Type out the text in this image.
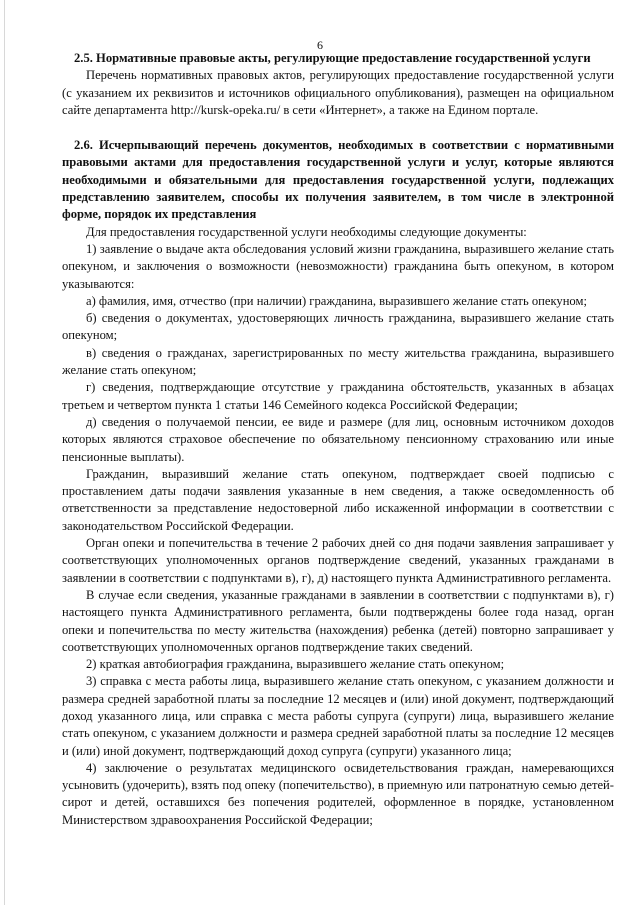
6
2.5. Нормативные правовые акты, регулирующие предоставление государственной услуги

Перечень нормативных правовых актов, регулирующих предоставление государственной услуги (с указанием их реквизитов и источников официального опубликования), размещен на официальном сайте департамента http://kursk-opeka.ru/ в сети «Интернет», а также на Едином портале.

2.6. Исчерпывающий перечень документов, необходимых в соответствии с нормативными правовыми актами для предоставления государственной услуги и услуг, которые являются необходимыми и обязательными для предоставления государственной услуги, подлежащих представлению заявителем, способы их получения заявителем, в том числе в электронной форме, порядок их представления

Для предоставления государственной услуги необходимы следующие документы:

1) заявление о выдаче акта обследования условий жизни гражданина, выразившего желание стать опекуном, и заключения о возможности (невозможности) гражданина быть опекуном, в котором указываются:

а) фамилия, имя, отчество (при наличии) гражданина, выразившего желание стать опекуном;

б) сведения о документах, удостоверяющих личность гражданина, выразившего желание стать опекуном;

в) сведения о гражданах, зарегистрированных по месту жительства гражданина, выразившего желание стать опекуном;

г) сведения, подтверждающие отсутствие у гражданина обстоятельств, указанных в абзацах третьем и четвертом пункта 1 статьи 146 Семейного кодекса Российской Федерации;

д) сведения о получаемой пенсии, ее виде и размере (для лиц, основным источником доходов которых являются страховое обеспечение по обязательному пенсионному страхованию или иные пенсионные выплаты).

Гражданин, выразивший желание стать опекуном, подтверждает своей подписью с проставлением даты подачи заявления указанные в нем сведения, а также осведомленность об ответственности за представление недостоверной либо искаженной информации в соответствии с законодательством Российской Федерации.

Орган опеки и попечительства в течение 2 рабочих дней со дня подачи заявления запрашивает у соответствующих уполномоченных органов подтверждение сведений, указанных гражданами в заявлении в соответствии с подпунктами в), г), д) настоящего пункта Административного регламента.

В случае если сведения, указанные гражданами в заявлении в соответствии с подпунктами в), г) настоящего пункта Административного регламента, были подтверждены более года назад, орган опеки и попечительства по месту жительства (нахождения) ребенка (детей) повторно запрашивает у соответствующих уполномоченных органов подтверждение таких сведений.

2) краткая автобиография гражданина, выразившего желание стать опекуном;

3) справка с места работы лица, выразившего желание стать опекуном, с указанием должности и размера средней заработной платы за последние 12 месяцев и (или) иной документ, подтверждающий доход указанного лица, или справка с места работы супруга (супруги) лица, выразившего желание стать опекуном, с указанием должности и размера средней заработной платы за последние 12 месяцев и (или) иной документ, подтверждающий доход супруга (супруги) указанного лица;

4) заключение о результатах медицинского освидетельствования граждан, намеревающихся усыновить (удочерить), взять под опеку (попечительство), в приемную или патронатную семью детей-сирот и детей, оставшихся без попечения родителей, оформленное в порядке, установленном Министерством здравоохранения Российской Федерации;
